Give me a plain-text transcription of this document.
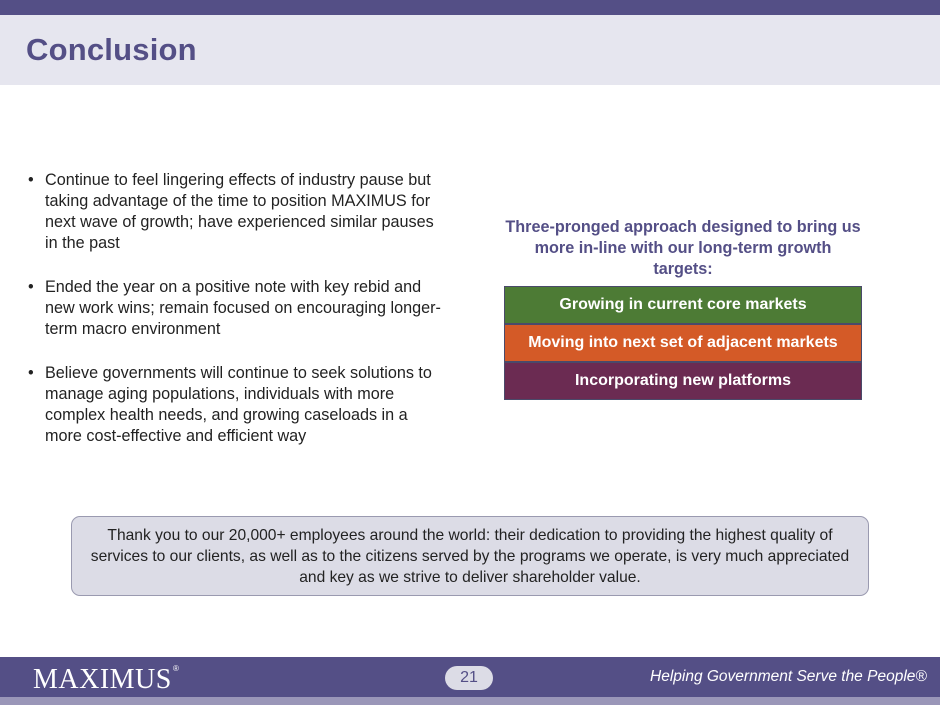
Conclusion
• Continue to feel lingering effects of industry pause but taking advantage of the time to position MAXIMUS for next wave of growth; have experienced similar pauses in the past
• Ended the year on a positive note with key rebid and new work wins; remain focused on encouraging longer-term macro environment
• Believe governments will continue to seek solutions to manage aging populations, individuals with more complex health needs, and growing caseloads in a more cost-effective and efficient way
Three-pronged approach designed to bring us more in-line with our long-term growth targets:
Growing in current core markets
Moving into next set of adjacent markets
Incorporating new platforms

Thank you to our 20,000+ employees around the world: their dedication to providing the highest quality of services to our clients, as well as to the citizens served by the programs we operate, is very much appreciated and key as we strive to deliver shareholder value.

MAXIMUS ®
21	Helping Government Serve the People®
